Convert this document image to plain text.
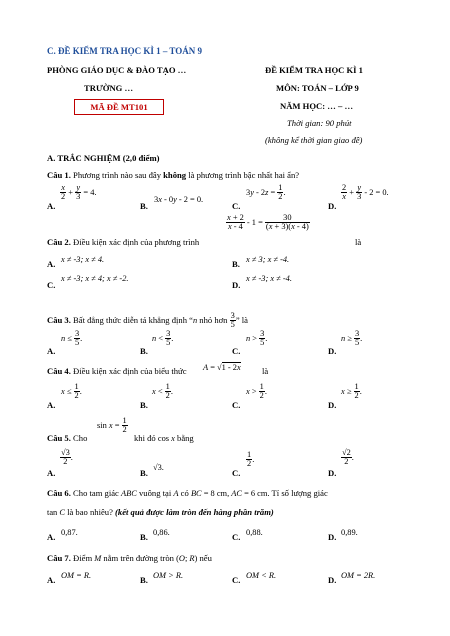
C. ĐỀ KIỂM TRA HỌC KÌ 1 – TOÁN 9
PHÒNG GIÁO DỤC & ĐÀO TẠO …
TRƯỜNG …
MÃ ĐỀ MT101
ĐỀ KIỂM TRA HỌC KÌ 1
MÔN: TOÁN – LỚP 9
NĂM HỌC: … – …
Thời gian: 90 phút
(không kể thời gian giao đề)
A. TRẮC NGHIỆM (2,0 điểm)
Câu 1. Phương trình nào sau đây không là phương trình bậc nhất hai ẩn?
A.
$\frac{x}{2} + \frac{y}{3} = 4$.
B.
3x - 0y - 2 = 0.
C.
$3y - 2z = \frac{1}{2}$ .
D.
$\frac{2}{x} + \frac{y}{3} - 2 = 0$.
$\frac{x + 2}{x - 4} - 1 = \frac{30}{(x + 3)(x - 4)}$
Câu 2. Điều kiện xác định của phương trình	là
A. x ≠ -3; x ≠ 4.	B. x ≠ 3; x ≠ -4.
C.
x ≠ -3; x ≠ 4; x ≠ -2.
D.
x ≠ -3; x ≠ -4.
Câu 3. Bất đẳng thức diễn tả khẳng định “n nhỏ hơn $\frac{3}{5}$ ” là
A.
$n \le \frac{3}{5}$ .
B.
$n < \frac{3}{5}$ .
C.
$n > \frac{3}{5}$ .
D.
$n \ge \frac{3}{5}$ .
Câu 4. Điều kiện xác định của biểu thức A = √1 - 2x là
A.
$x \le \frac{1}{2}$ .
B.
$x < \frac{1}{2}$ .
C.
$x > \frac{1}{2}$ .
D.
$x \ge \frac{1}{2}$ .
$\sin x = \frac{1}{2}$
Câu 5. Cho	khi đó cos x bằng
A.
$\frac{√3}{2}$ .
B.
√3.
C.
$\frac{1}{2}$ .
D.
$\frac{√2}{2}$ .
Câu 6. Cho tam giác ABC vuông tại A có BC = 8 cm, AC = 6 cm. Tỉ số lượng giác
tan C là bao nhiêu? (kết quả được làm tròn đến hàng phần trăm)
A. 0,87.	B. 0,86.	C. 0,88.	D. 0,89.
Câu 7. Điểm M nằm trên đường tròn (O; R) nếu
A. OM = R.	B. OM > R.	C. OM < R.	D. OM = 2R.
